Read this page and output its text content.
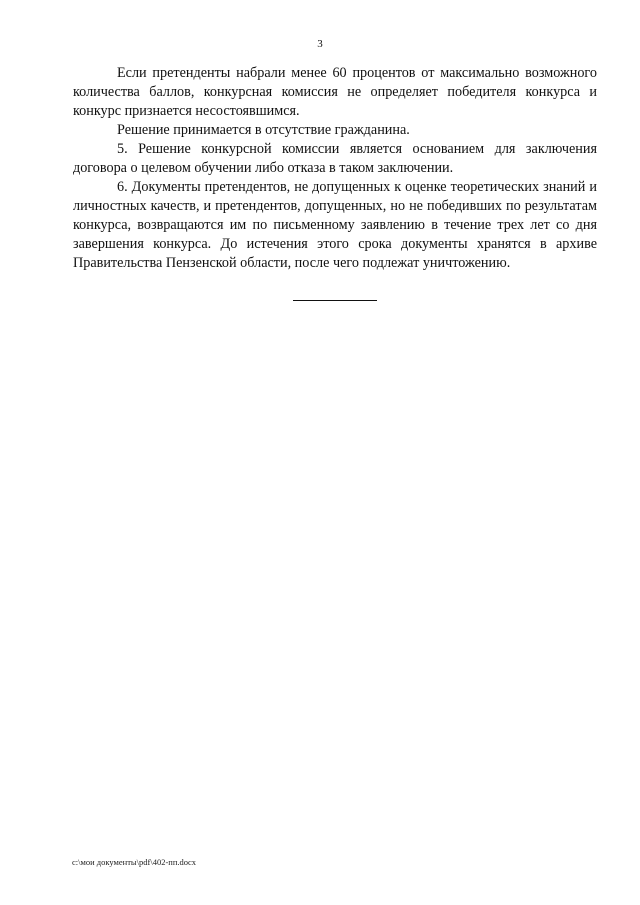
3

Если претенденты набрали менее 60 процентов от максимально возможного количества баллов, конкурсная комиссия не определяет победителя конкурса и конкурс признается несостоявшимся.

Решение принимается в отсутствие гражданина.

5. Решение конкурсной комиссии является основанием для заключения договора о целевом обучении либо отказа в таком заключении.

6. Документы претендентов, не допущенных к оценке теоретических знаний и личностных качеств, и претендентов, допущенных, но не победивших по результатам конкурса, возвращаются им по письменному заявлению в течение трех лет со дня завершения конкурса. До истечения этого срока документы хранятся в архиве Правительства Пензенской области, после чего подлежат уничтожению.

c:\мои документы\pdf\402-пп.docx
